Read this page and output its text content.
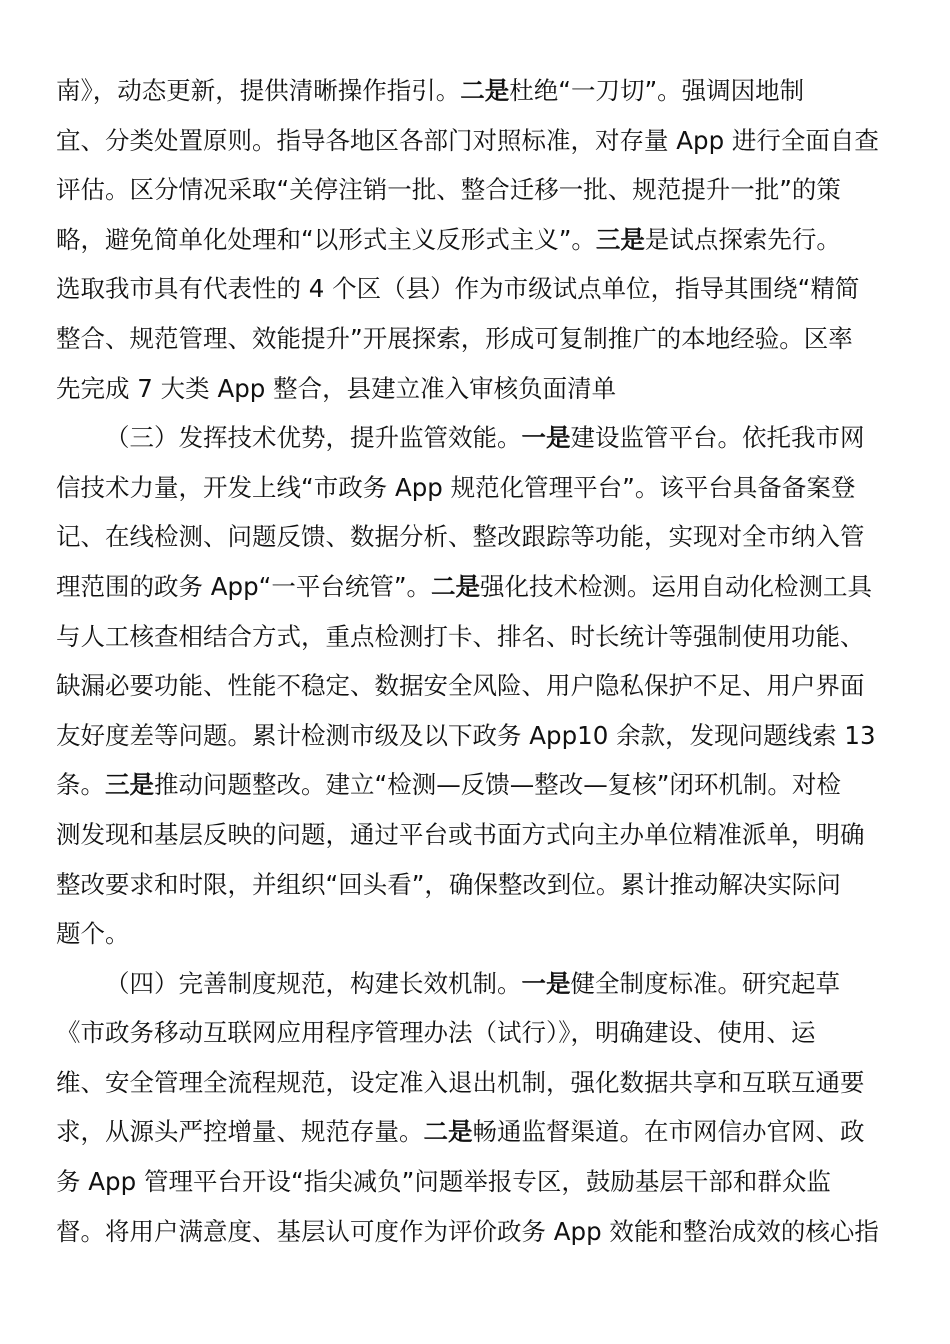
南》，动态更新，提供清晰操作指引。二是杜绝“一刀切”。强调因地制
宜、分类处置原则。指导各地区各部门对照标准，对存量 App 进行全面自查
评估。区分情况采取“关停注销一批、整合迁移一批、规范提升一批”的策
略，避免简单化处理和“以形式主义反形式主义”。三是是试点探索先行。
选取我市具有代表性的 4 个区（县）作为市级试点单位，指导其围绕“精简
整合、规范管理、效能提升”开展探索，形成可复制推广的本地经验。区率
先完成 7 大类 App 整合，县建立准入审核负面清单
（三）发挥技术优势，提升监管效能。一是建设监管平台。依托我市网
信技术力量，开发上线“市政务 App 规范化管理平台”。该平台具备备案登
记、在线检测、问题反馈、数据分析、整改跟踪等功能，实现对全市纳入管
理范围的政务 App“一平台统管”。二是强化技术检测。运用自动化检测工具
与人工核查相结合方式，重点检测打卡、排名、时长统计等强制使用功能、
缺漏必要功能、性能不稳定、数据安全风险、用户隐私保护不足、用户界面
友好度差等问题。累计检测市级及以下政务 App10 余款，发现问题线索 13
条。三是推动问题整改。建立“检测—反馈—整改—复核”闭环机制。对检
测发现和基层反映的问题，通过平台或书面方式向主办单位精准派单，明确
整改要求和时限，并组织“回头看”，确保整改到位。累计推动解决实际问
题个。
（四）完善制度规范，构建长效机制。一是健全制度标准。研究起草
《市政务移动互联网应用程序管理办法（试行）》，明确建设、使用、运
维、安全管理全流程规范，设定准入退出机制，强化数据共享和互联互通要
求，从源头严控增量、规范存量。二是畅通监督渠道。在市网信办官网、政
务 App 管理平台开设“指尖减负”问题举报专区，鼓励基层干部和群众监
督。将用户满意度、基层认可度作为评价政务 App 效能和整治成效的核心指
